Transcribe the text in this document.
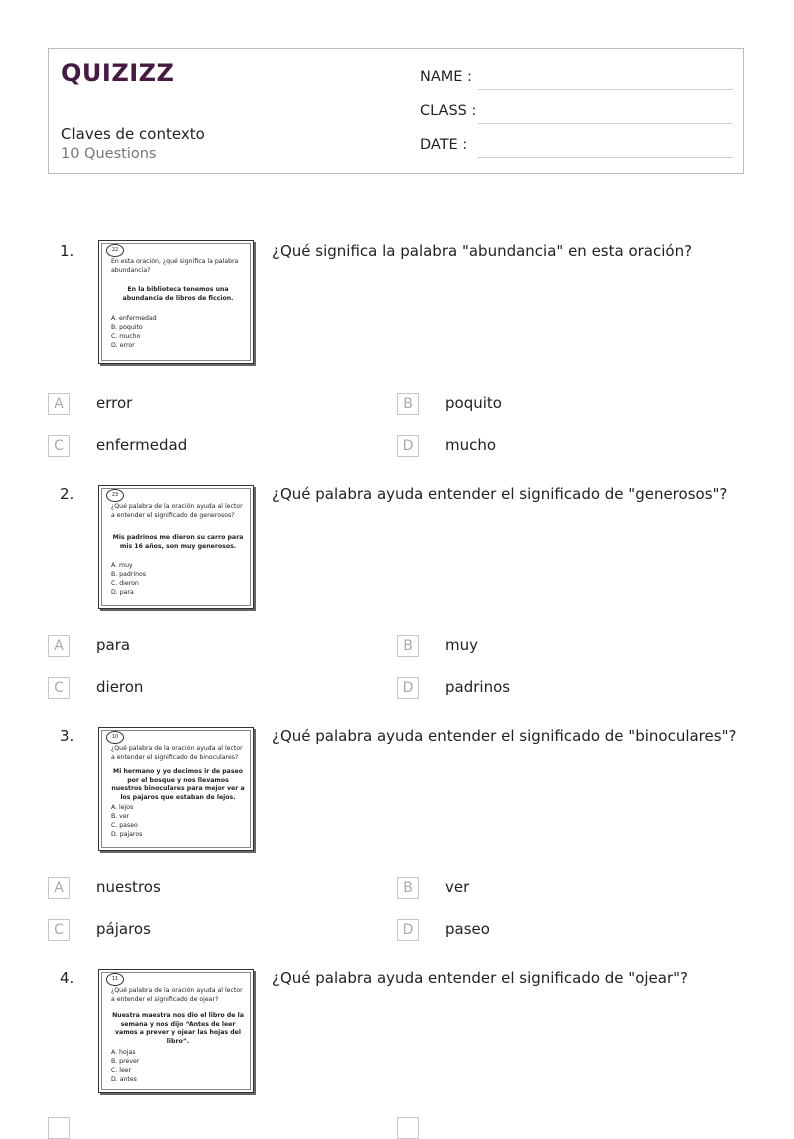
QUIZIZZ
Claves de contexto
10 Questions
NAME :
CLASS :
DATE :
1.	22
En esta oración, ¿qué significa la palabra abundancia?
En la biblioteca tenemos una abundancia de libros de ficcion.
A. enfermedad
B. poquito
C. mucho
D. error
¿Qué significa la palabra "abundancia" en esta oración?
A	error	B	poquito
C	enfermedad	D	mucho
2.	23
¿Qué palabra de la oración ayuda al lector a entender el significado de generosos?
Mis padrinos me dieron su carro para mis 16 años, son muy generosos.
A. muy
B. padrinos
C. dieron
D. para
¿Qué palabra ayuda entender el significado de "generosos"?
A	para	B	muy
C	dieron	D	padrinos
3.	10
¿Qué palabra de la oración ayuda al lector a entender el significado de binoculares?
Mi hermano y yo decimos ir de paseo por el bosque y nos llevamos nuestros binoculares para mejor ver a los pajaros que estaban de lejos.
A. lejos
B. ver
C. paseo
D. pajaros
¿Qué palabra ayuda entender el significado de "binoculares"?
A	nuestros	B	ver
C	pájaros	D	paseo
4.	11
¿Qué palabra de la oración ayuda al lector a entender el significado de ojear?
Nuestra maestra nos dio el libro de la semana y nos dijo “Antes de leer vamos a prever y ojear las hojas del libro”.
A. hojas
B. prever
C. leer
D. antes
¿Qué palabra ayuda entender el significado de "ojear"?
